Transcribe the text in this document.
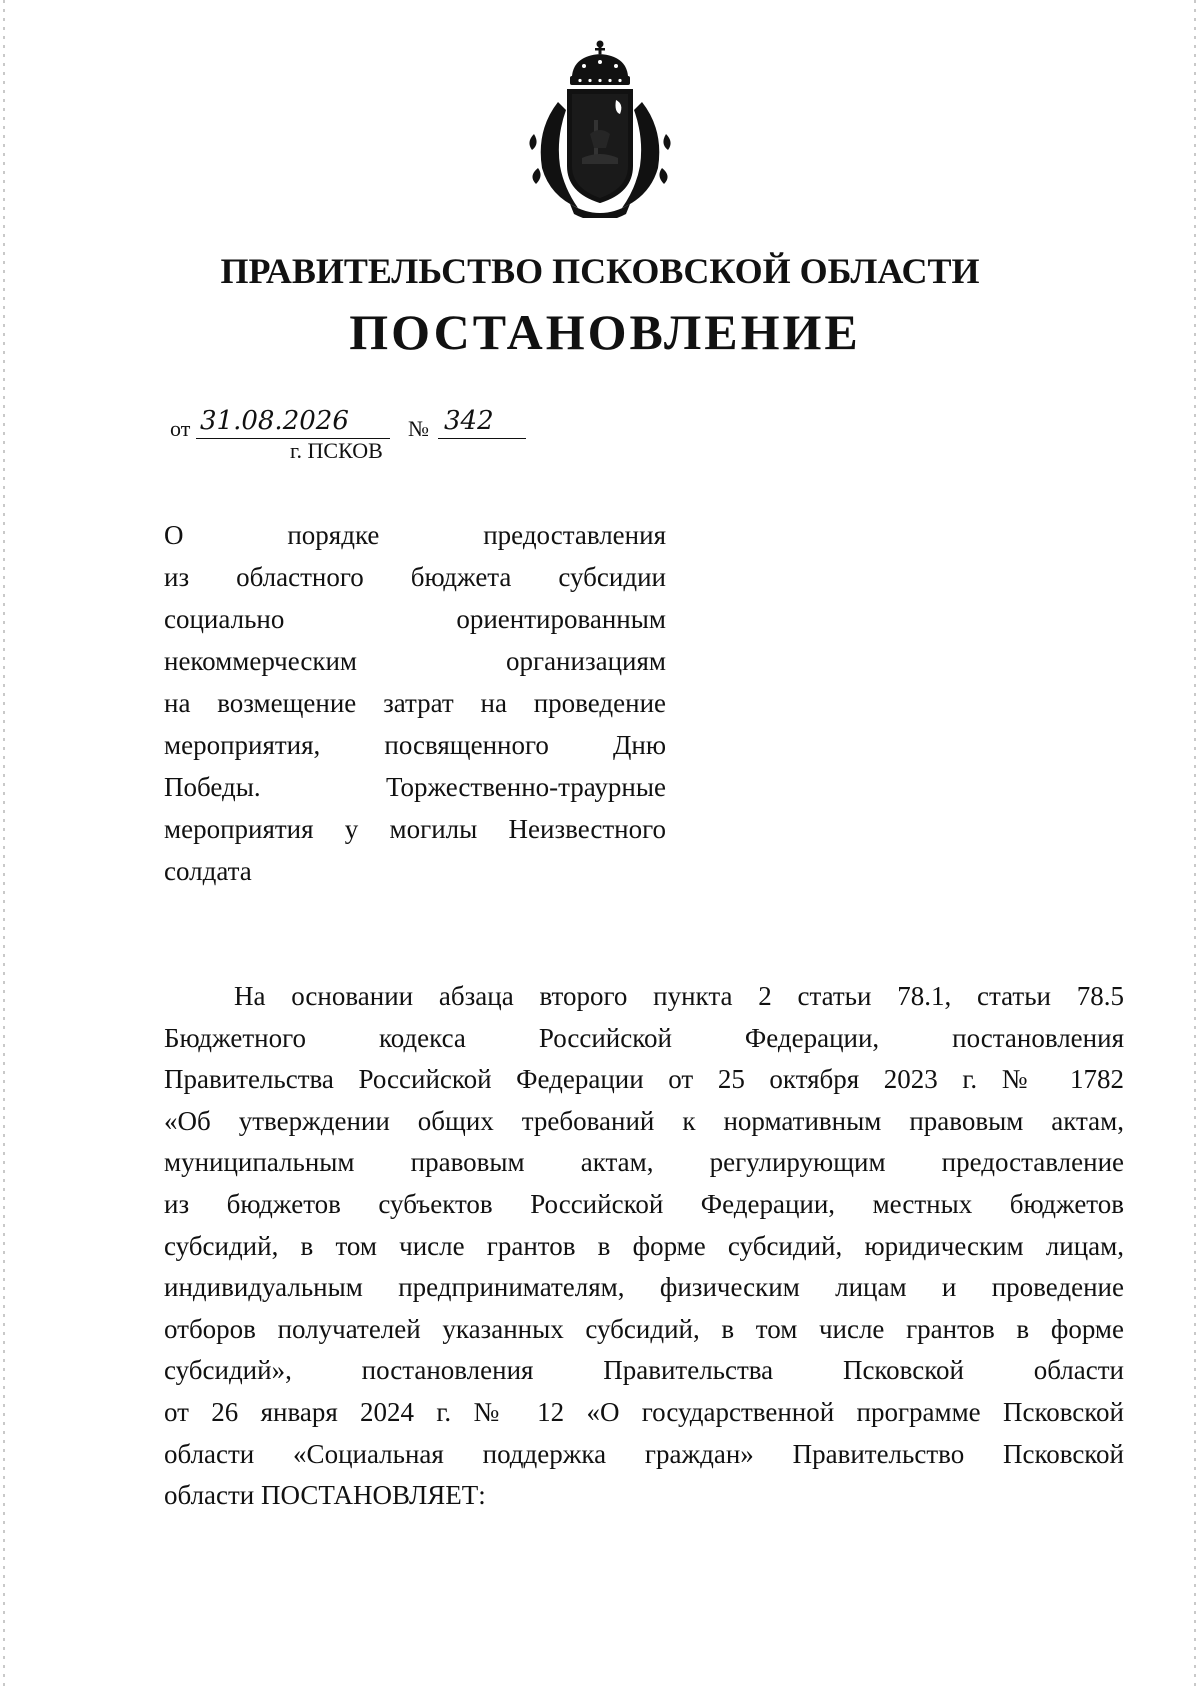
ПРАВИТЕЛЬСТВО ПСКОВСКОЙ ОБЛАСТИ
ПОСТАНОВЛЕНИЕ
от 31.08.2026	№ 342
г. ПСКОВ
О порядке предоставления
из областного бюджета субсидии
социально ориентированным
некоммерческим организациям
на возмещение затрат на проведение
мероприятия, посвященного Дню
Победы. Торжественно-траурные
мероприятия у могилы Неизвестного
солдата
На основании абзаца второго пункта 2 статьи 78.1, статьи 78.5
Бюджетного кодекса Российской Федерации, постановления
Правительства Российской Федерации от 25 октября 2023 г. № 1782
«Об утверждении общих требований к нормативным правовым актам,
муниципальным правовым актам, регулирующим предоставление
из бюджетов субъектов Российской Федерации, местных бюджетов
субсидий, в том числе грантов в форме субсидий, юридическим лицам,
индивидуальным предпринимателям, физическим лицам и проведение
отборов получателей указанных субсидий, в том числе грантов в форме
субсидий», постановления Правительства Псковской области
от 26 января 2024 г. № 12 «О государственной программе Псковской
области «Социальная поддержка граждан» Правительство Псковской
области ПОСТАНОВЛЯЕТ:
